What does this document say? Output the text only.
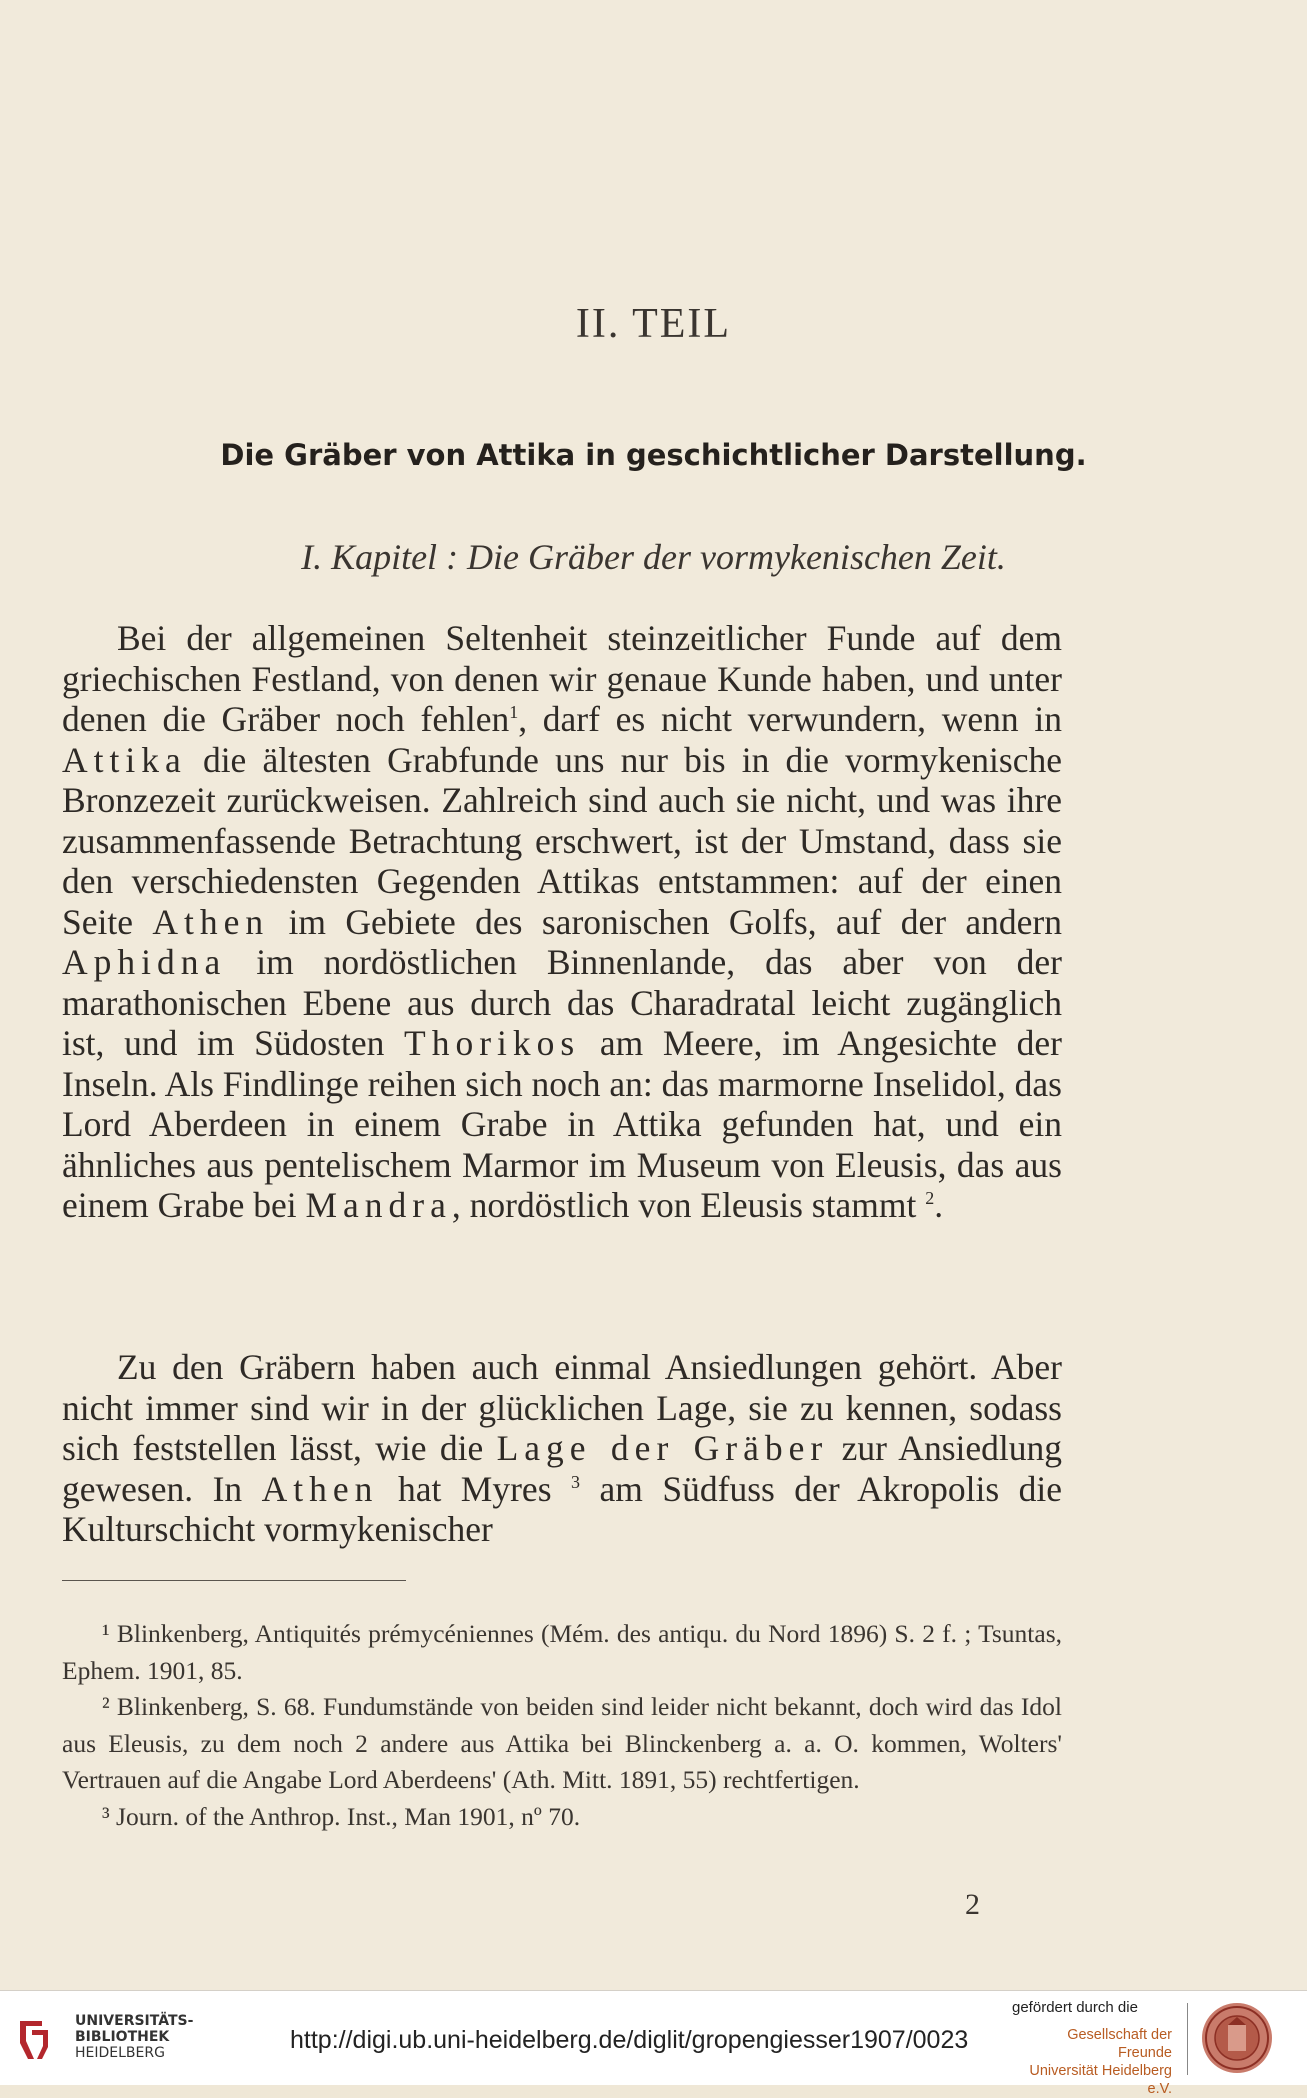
II. TEIL
Die Gräber von Attika in geschichtlicher Darstellung.
I. Kapitel : Die Gräber der vormykenischen Zeit.

Bei der allgemeinen Seltenheit steinzeitlicher Funde auf dem griechischen Festland, von denen wir genaue Kunde haben, und unter denen die Gräber noch fehlen$^1$, darf es nicht verwundern, wenn in Attika die ältesten Grabfunde uns nur bis in die vormykenische Bronzezeit zurückweisen. Zahlreich sind auch sie nicht, und was ihre zusammenfassende Betrachtung erschwert, ist der Umstand, dass sie den verschiedensten Gegenden Attikas entstammen: auf der einen Seite Athen im Gebiete des saronischen Golfs, auf der andern Aphidna im nordöstlichen Binnenlande, das aber von der marathonischen Ebene aus durch das Charadratal leicht zugänglich ist, und im Südosten Thorikos am Meere, im Angesichte der Inseln. Als Findlinge reihen sich noch an: das marmorne Inselidol, das Lord Aberdeen in einem Grabe in Attika gefunden hat, und ein ähnliches aus pentelischem Marmor im Museum von Eleusis, das aus einem Grabe bei Mandra, nordöstlich von Eleusis stammt $^2$.

Zu den Gräbern haben auch einmal Ansiedlungen gehört. Aber nicht immer sind wir in der glücklichen Lage, sie zu kennen, sodass sich feststellen lässt, wie die Lage der Gräber zur Ansiedlung gewesen. In Athen hat Myres $^3$ am Südfuss der Akropolis die Kulturschicht vormykenischer

¹ Blinkenberg, Antiquités prémycéniennes (Mém. des antiqu. du Nord 1896) S. 2 f. ; Tsuntas, Ephem. 1901, 85.

² Blinkenberg, S. 68. Fundumstände von beiden sind leider nicht bekannt, doch wird das Idol aus Eleusis, zu dem noch 2 andere aus Attika bei Blinckenberg a. a. O. kommen, Wolters' Vertrauen auf die Angabe Lord Aberdeens' (Ath. Mitt. 1891, 55) rechtfertigen.

³ Journ. of the Anthrop. Inst., Man 1901, nº 70.

2
UNIVERSITÄTS-
BIBLIOTHEK
HEIDELBERG	http://digi.ub.uni-heidelberg.de/diglit/gropengiesser1907/0023
gefördert durch die
Gesellschaft der Freunde
Universität Heidelberg e.V.
